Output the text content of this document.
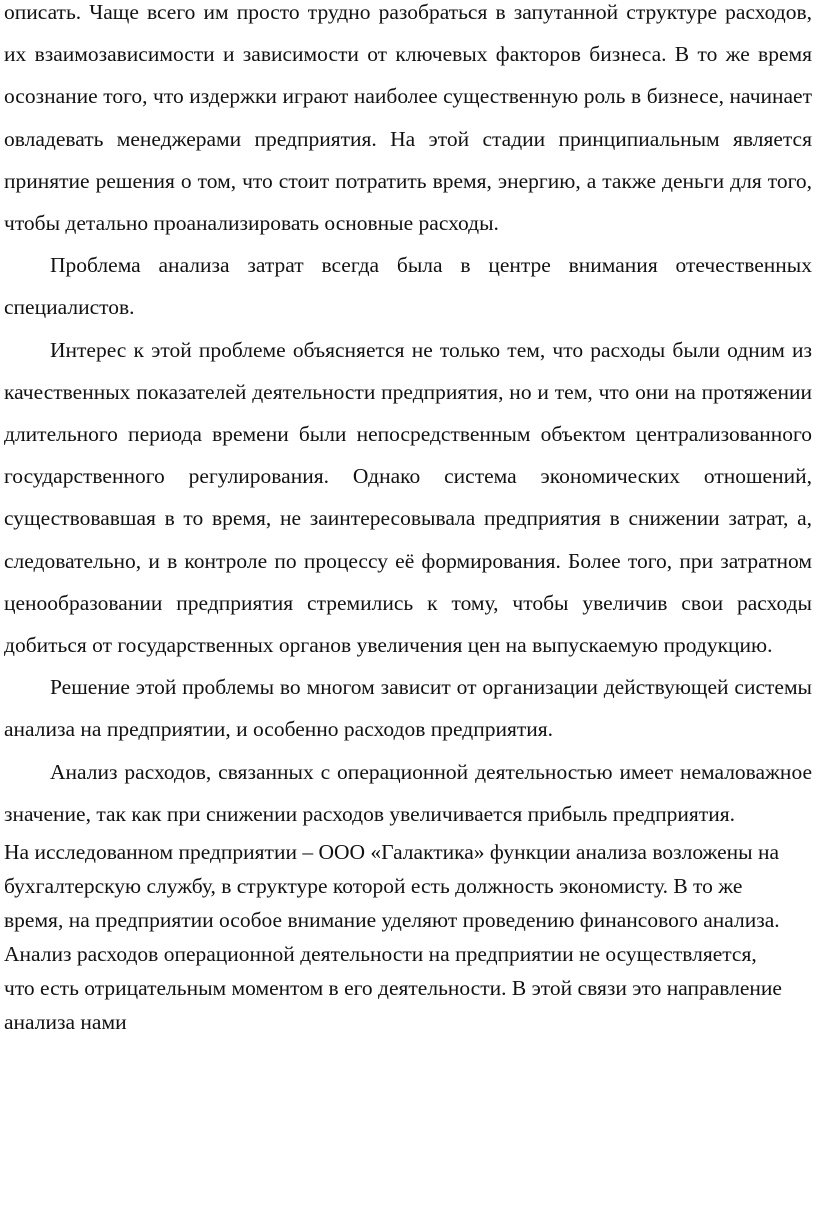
описать. Чаще всего им просто трудно разобраться в запутанной структуре расходов, их взаимозависимости и зависимости от ключевых факторов бизнеса. В то же время осознание того, что издержки играют наиболее существенную роль в бизнесе, начинает овладевать менеджерами предприятия. На этой стадии принципиальным является принятие решения о том, что стоит потратить время, энергию, а также деньги для того, чтобы детально проанализировать основные расходы.

Проблема анализа затрат всегда была в центре внимания отечественных специалистов.

Интерес к этой проблеме объясняется не только тем, что расходы были одним из качественных показателей деятельности предприятия, но и тем, что они на протяжении длительного периода времени были непосредственным объектом централизованного государственного регулирования. Однако система экономических отношений, существовавшая в то время, не заинтересовывала предприятия в снижении затрат, а, следовательно, и в контроле по процессу её формирования. Более того, при затратном ценообразовании предприятия стремились к тому, чтобы увеличив свои расходы добиться от государственных органов увеличения цен на выпускаемую продукцию.

Решение этой проблемы во многом зависит от организации действующей системы анализа на предприятии, и особенно расходов предприятия.

Анализ расходов, связанных с операционной деятельностью имеет немаловажное значение, так как при снижении расходов увеличивается прибыль предприятия.

На исследованном предприятии – ООО «Галактика» функции анализа возложены на бухгалтерскую службу, в структуре которой есть должность экономисту. В то же время, на предприятии особое внимание уделяют проведению финансового анализа. Анализ расходов операционной деятельности на предприятии не осуществляется, что есть отрицательным моментом в его деятельности. В этой связи это направление анализа нами
